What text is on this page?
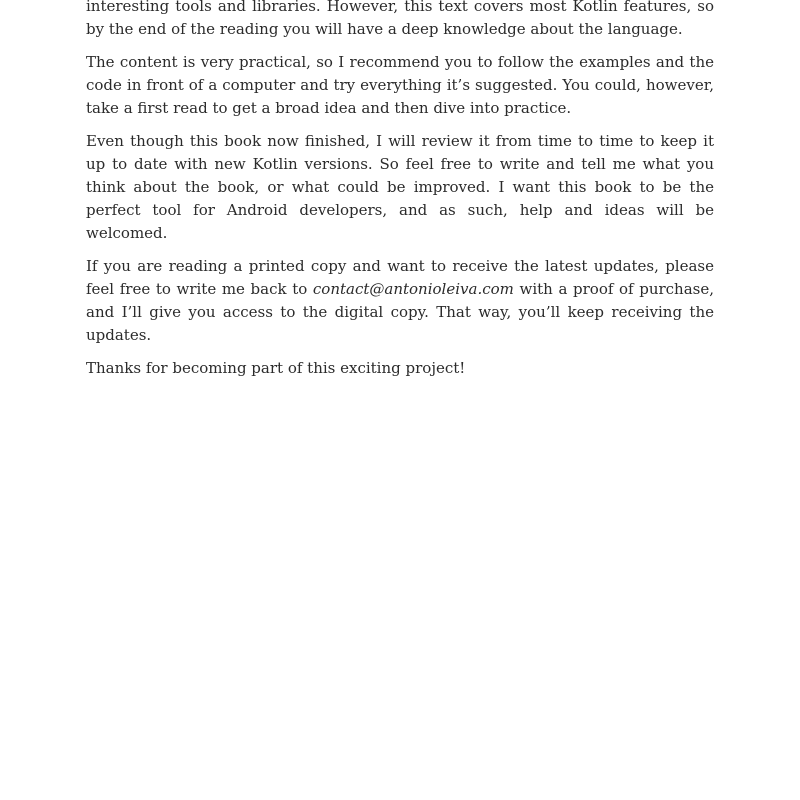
interesting tools and libraries. However, this text covers most Kotlin features, so by the end of the reading you will have a deep knowledge about the language.

The content is very practical, so I recommend you to follow the examples and the code in front of a computer and try everything it’s suggested. You could, however, take a first read to get a broad idea and then dive into practice.

Even though this book now finished, I will review it from time to time to keep it up to date with new Kotlin versions. So feel free to write and tell me what you think about the book, or what could be improved. I want this book to be the perfect tool for Android developers, and as such, help and ideas will be welcomed.

If you are reading a printed copy and want to receive the latest updates, please feel free to write me back to contact@antonioleiva.com with a proof of purchase, and I’ll give you access to the digital copy. That way, you’ll keep receiving the updates.

Thanks for becoming part of this exciting project!
